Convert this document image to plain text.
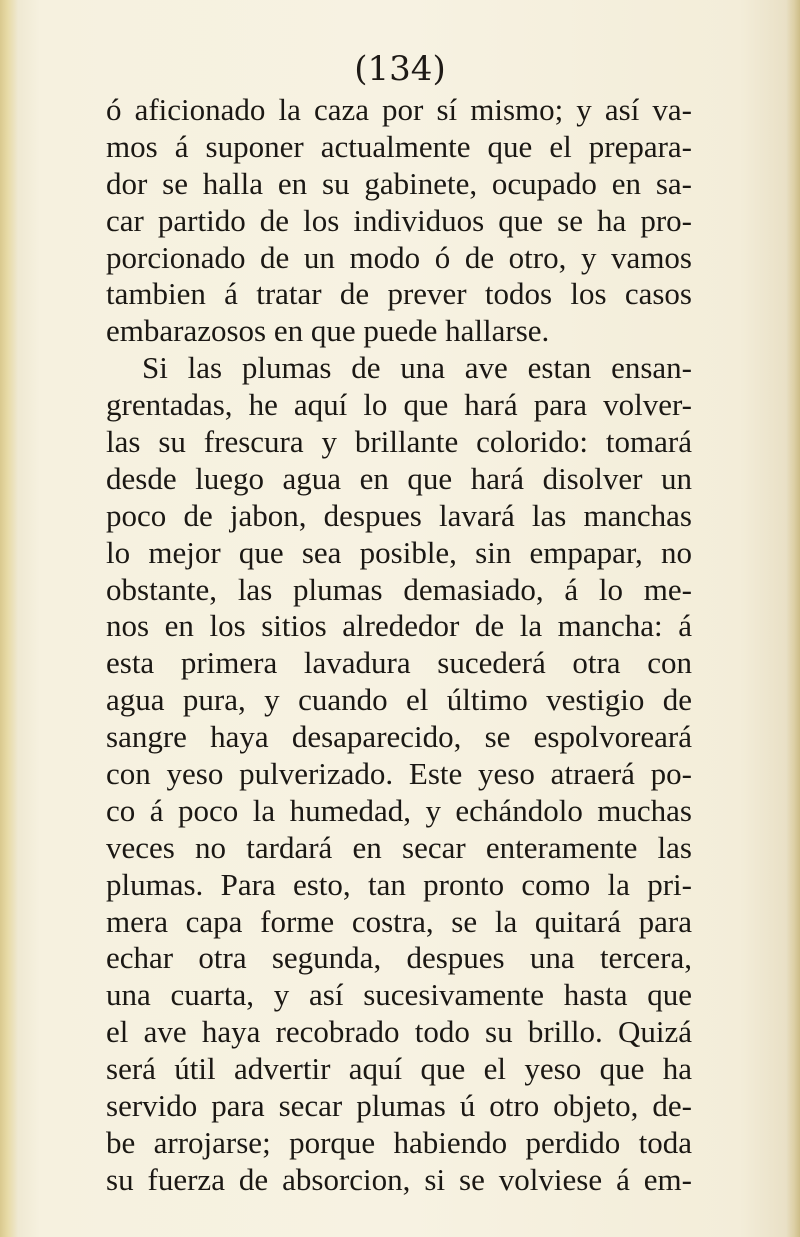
(134)
ó aficionado la caza por sí mismo; y así va-
mos á suponer actualmente que el prepara-
dor se halla en su gabinete, ocupado en sa-
car partido de los individuos que se ha pro-
porcionado de un modo ó de otro, y vamos
tambien á tratar de prever todos los casos
embarazosos en que puede hallarse.
Si las plumas de una ave estan ensan-
grentadas, he aquí lo que hará para volver-
las su frescura y brillante colorido: tomará
desde luego agua en que hará disolver un
poco de jabon, despues lavará las manchas
lo mejor que sea posible, sin empapar, no
obstante, las plumas demasiado, á lo me-
nos en los sitios alrededor de la mancha: á
esta primera lavadura sucederá otra con
agua pura, y cuando el último vestigio de
sangre haya desaparecido, se espolvoreará
con yeso pulverizado. Este yeso atraerá po-
co á poco la humedad, y echándolo muchas
veces no tardará en secar enteramente las
plumas. Para esto, tan pronto como la pri-
mera capa forme costra, se la quitará para
echar otra segunda, despues una tercera,
una cuarta, y así sucesivamente hasta que
el ave haya recobrado todo su brillo. Quizá
será útil advertir aquí que el yeso que ha
servido para secar plumas ú otro objeto, de-
be arrojarse; porque habiendo perdido toda
su fuerza de absorcion, si se volviese á em-
